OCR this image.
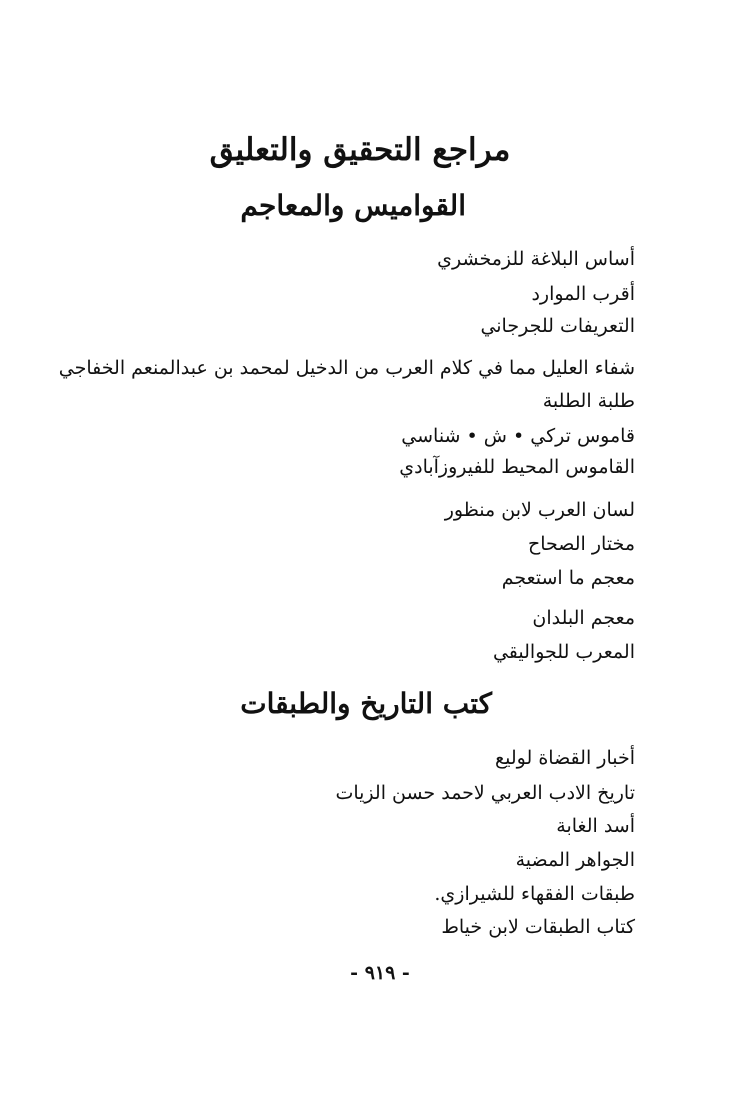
مراجع التحقيق والتعليق
القواميس والمعاجم
أساس البلاغة للزمخشري
أقرب الموارد
التعريفات للجرجاني
شفاء العليل مما في كلام العرب من الدخيل لمحمد بن عبدالمنعم الخفاجي
طلبة الطلبة
قاموس تركي • ش • شناسي
القاموس المحيط للفيروزآبادي
لسان العرب لابن منظور
مختار الصحاح
معجم ما استعجم
معجم البلدان
المعرب للجواليقي
كتب التاريخ والطبقات
أخبار القضاة لوليع
تاريخ الادب العربي لاحمد حسن الزيات
أسد الغابة
الجواهر المضية
طبقات الفقهاء للشيرازي.
كتاب الطبقات لابن خياط
- ٩١٩ -
